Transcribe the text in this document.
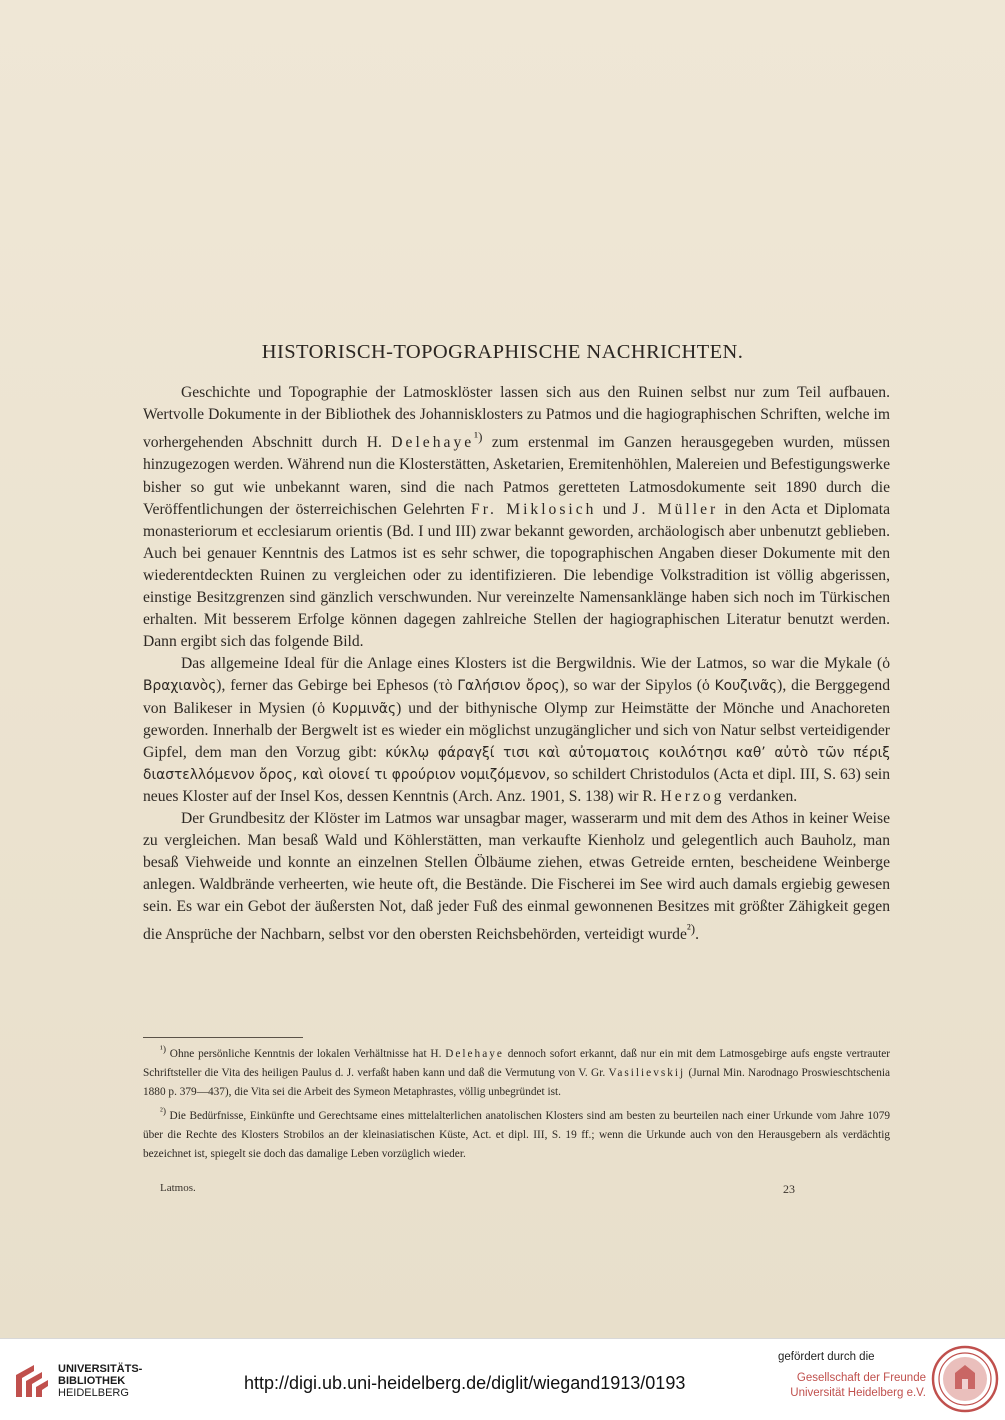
HISTORISCH-TOPOGRAPHISCHE NACHRICHTEN.

Geschichte und Topographie der Latmosklöster lassen sich aus den Ruinen selbst nur zum Teil aufbauen. Wertvolle Dokumente in der Bibliothek des Johannisklosters zu Patmos und die hagiographischen Schriften, welche im vorhergehenden Abschnitt durch H. Delehaye$^{^1)}$ zum erstenmal im Ganzen herausgegeben wurden, müssen hinzugezogen werden. Während nun die Klosterstätten, Asketarien, Eremitenhöhlen, Malereien und Befestigungswerke bisher so gut wie unbekannt waren, sind die nach Patmos geretteten Latmosdokumente seit 1890 durch die Veröffentlichungen der österreichischen Gelehrten Fr. Miklosich und J. Müller in den Acta et Diplomata monasteriorum et ecclesiarum orientis (Bd. I und III) zwar bekannt geworden, archäologisch aber unbenutzt geblieben. Auch bei genauer Kenntnis des Latmos ist es sehr schwer, die topographischen Angaben dieser Dokumente mit den wiederentdeckten Ruinen zu vergleichen oder zu identifizieren. Die lebendige Volkstradition ist völlig abgerissen, einstige Besitzgrenzen sind gänzlich verschwunden. Nur vereinzelte Namensanklänge haben sich noch im Türkischen erhalten. Mit besserem Erfolge können dagegen zahlreiche Stellen der hagiographischen Literatur benutzt werden. Dann ergibt sich das folgende Bild.

Das allgemeine Ideal für die Anlage eines Klosters ist die Bergwildnis. Wie der Latmos, so war die Mykale (ὁ Βραχιανὸς), ferner das Gebirge bei Ephesos (τὸ Γαλήσιον ὄρος), so war der Sipylos (ὁ Κουζινᾶς), die Berggegend von Balikeser in Mysien (ὁ Κυρμινᾶς) und der bithynische Olymp zur Heimstätte der Mönche und Anachoreten geworden. Innerhalb der Bergwelt ist es wieder ein möglichst unzugänglicher und sich von Natur selbst verteidigender Gipfel, dem man den Vorzug gibt: κύκλῳ φάραγξί τισι καὶ αὐτοματοις κοιλότησι καθ’ αὐτὸ τῶν πέριξ διαστελλόμενον ὄρος, καὶ οἱονεί τι φρούριον νομιζόμενον, so schildert Christodulos (Acta et dipl. III, S. 63) sein neues Kloster auf der Insel Kos, dessen Kenntnis (Arch. Anz. 1901, S. 138) wir R. Herzog verdanken.

Der Grundbesitz der Klöster im Latmos war unsagbar mager, wasserarm und mit dem des Athos in keiner Weise zu vergleichen. Man besaß Wald und Köhlerstätten, man verkaufte Kienholz und gelegentlich auch Bauholz, man besaß Viehweide und konnte an einzelnen Stellen Ölbäume ziehen, etwas Getreide ernten, bescheidene Weinberge anlegen. Waldbrände verheerten, wie heute oft, die Bestände. Die Fischerei im See wird auch damals ergiebig gewesen sein. Es war ein Gebot der äußersten Not, daß jeder Fuß des einmal gewonnenen Besitzes mit größter Zähigkeit gegen die Ansprüche der Nachbarn, selbst vor den obersten Reichsbehörden, verteidigt wurde$^{^2)}$.

$^{^1)}$ Ohne persönliche Kenntnis der lokalen Verhältnisse hat H. Delehaye dennoch sofort erkannt, daß nur ein mit dem Latmosgebirge aufs engste vertrauter Schriftsteller die Vita des heiligen Paulus d. J. verfaßt haben kann und daß die Vermutung von V. Gr. Vasilievskij (Jurnal Min. Narodnago Proswieschtschenia 1880 p. 379—437), die Vita sei die Arbeit des Symeon Metaphrastes, völlig unbegründet ist.

$^{^2)}$ Die Bedürfnisse, Einkünfte und Gerechtsame eines mittelalterlichen anatolischen Klosters sind am besten zu beurteilen nach einer Urkunde vom Jahre 1079 über die Rechte des Klosters Strobilos an der kleinasiatischen Küste, Act. et dipl. III, S. 19 ff.; wenn die Urkunde auch von den Herausgebern als verdächtig bezeichnet ist, spiegelt sie doch das damalige Leben vorzüglich wieder.

Latmos.	23
UNIVERSITÄTS-
BIBLIOTHEK
HEIDELBERG	http://digi.ub.uni-heidelberg.de/diglit/wiegand1913/0193
gefördert durch die
Gesellschaft der Freunde
Universität Heidelberg e.V.
